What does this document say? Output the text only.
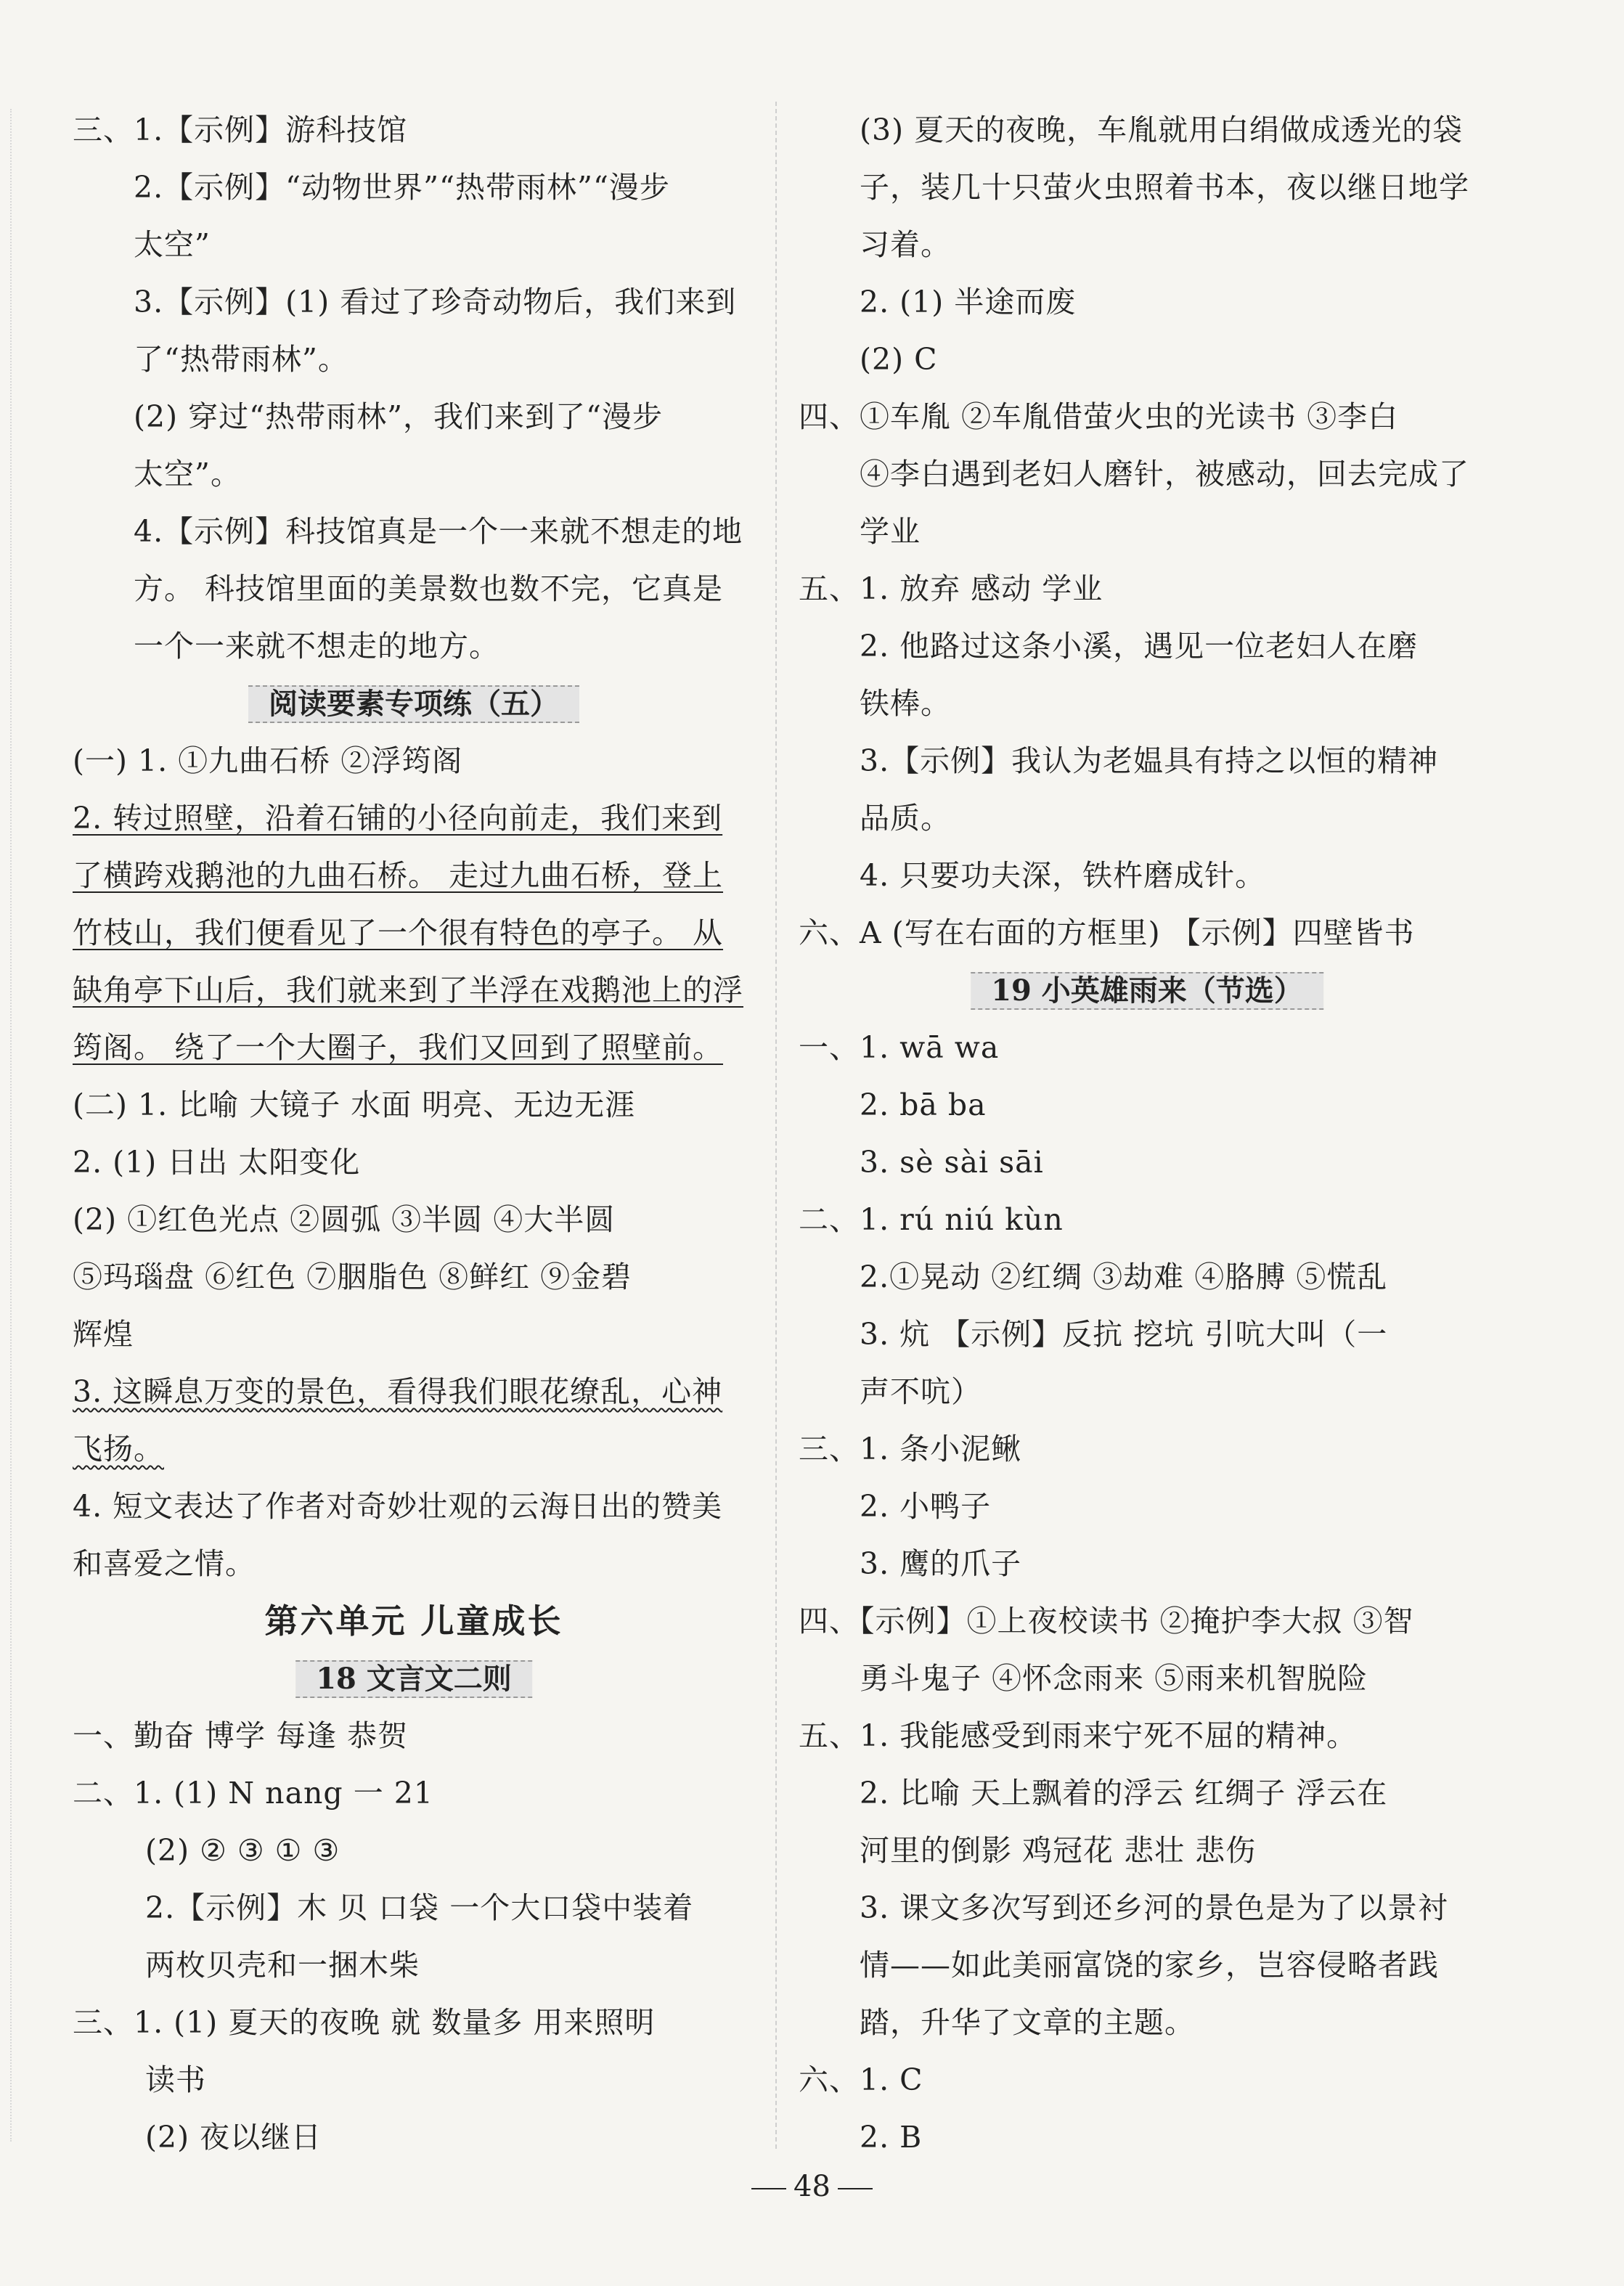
三、1.【示例】游科技馆
2.【示例】“动物世界”“热带雨林”“漫步
太空”
3.【示例】(1) 看过了珍奇动物后，我们来到
了“热带雨林”。
(2) 穿过“热带雨林”，我们来到了“漫步
太空”。
4.【示例】科技馆真是一个一来就不想走的地
方。 科技馆里面的美景数也数不完，它真是
一个一来就不想走的地方。
阅读要素专项练（五）
(一) 1. ①九曲石桥 ②浮筠阁
2. 转过照壁，沿着石铺的小径向前走，我们来到
了横跨戏鹅池的九曲石桥。 走过九曲石桥，登上
竹枝山，我们便看见了一个很有特色的亭子。 从
缺角亭下山后，我们就来到了半浮在戏鹅池上的浮
筠阁。 绕了一个大圈子，我们又回到了照壁前。
(二) 1. 比喻 大镜子 水面 明亮、无边无涯
2. (1) 日出 太阳变化
(2) ①红色光点 ②圆弧 ③半圆 ④大半圆
⑤玛瑙盘 ⑥红色 ⑦胭脂色 ⑧鲜红 ⑨金碧
辉煌
3. 这瞬息万变的景色，看得我们眼花缭乱，心神
飞扬。
4. 短文表达了作者对奇妙壮观的云海日出的赞美
和喜爱之情。
第六单元 儿童成长
18 文言文二则
一、勤奋 博学 每逢 恭贺
二、1. (1) N nang 一 21
(2) ② ③ ① ③
2.【示例】木 贝 口袋 一个大口袋中装着
两枚贝壳和一捆木柴
三、1. (1) 夏天的夜晚 就 数量多 用来照明
读书
(2) 夜以继日
(3) 夏天的夜晚，车胤就用白绢做成透光的袋
子，装几十只萤火虫照着书本，夜以继日地学
习着。
2. (1) 半途而废
(2) C
四、①车胤 ②车胤借萤火虫的光读书 ③李白
④李白遇到老妇人磨针，被感动，回去完成了
学业
五、1. 放弃 感动 学业
2. 他路过这条小溪，遇见一位老妇人在磨
铁棒。
3.【示例】我认为老媪具有持之以恒的精神
品质。
4. 只要功夫深，铁杵磨成针。
六、A (写在右面的方框里) 【示例】四壁皆书
19 小英雄雨来（节选）
一、1. wā wa
2. bā ba
3. sè sài sāi
二、1. rú niú kùn
2.①晃动 ②红绸 ③劫难 ④胳膊 ⑤慌乱
3. 炕 【示例】反抗 挖坑 引吭大叫（一
声不吭）
三、1. 条小泥鳅
2. 小鸭子
3. 鹰的爪子
四、【示例】①上夜校读书 ②掩护李大叔 ③智
勇斗鬼子 ④怀念雨来 ⑤雨来机智脱险
五、1. 我能感受到雨来宁死不屈的精神。
2. 比喻 天上飘着的浮云 红绸子 浮云在
河里的倒影 鸡冠花 悲壮 悲伤
3. 课文多次写到还乡河的景色是为了以景衬
情——如此美丽富饶的家乡，岂容侵略者践
踏，升华了文章的主题。
六、1. C
2. B
48
